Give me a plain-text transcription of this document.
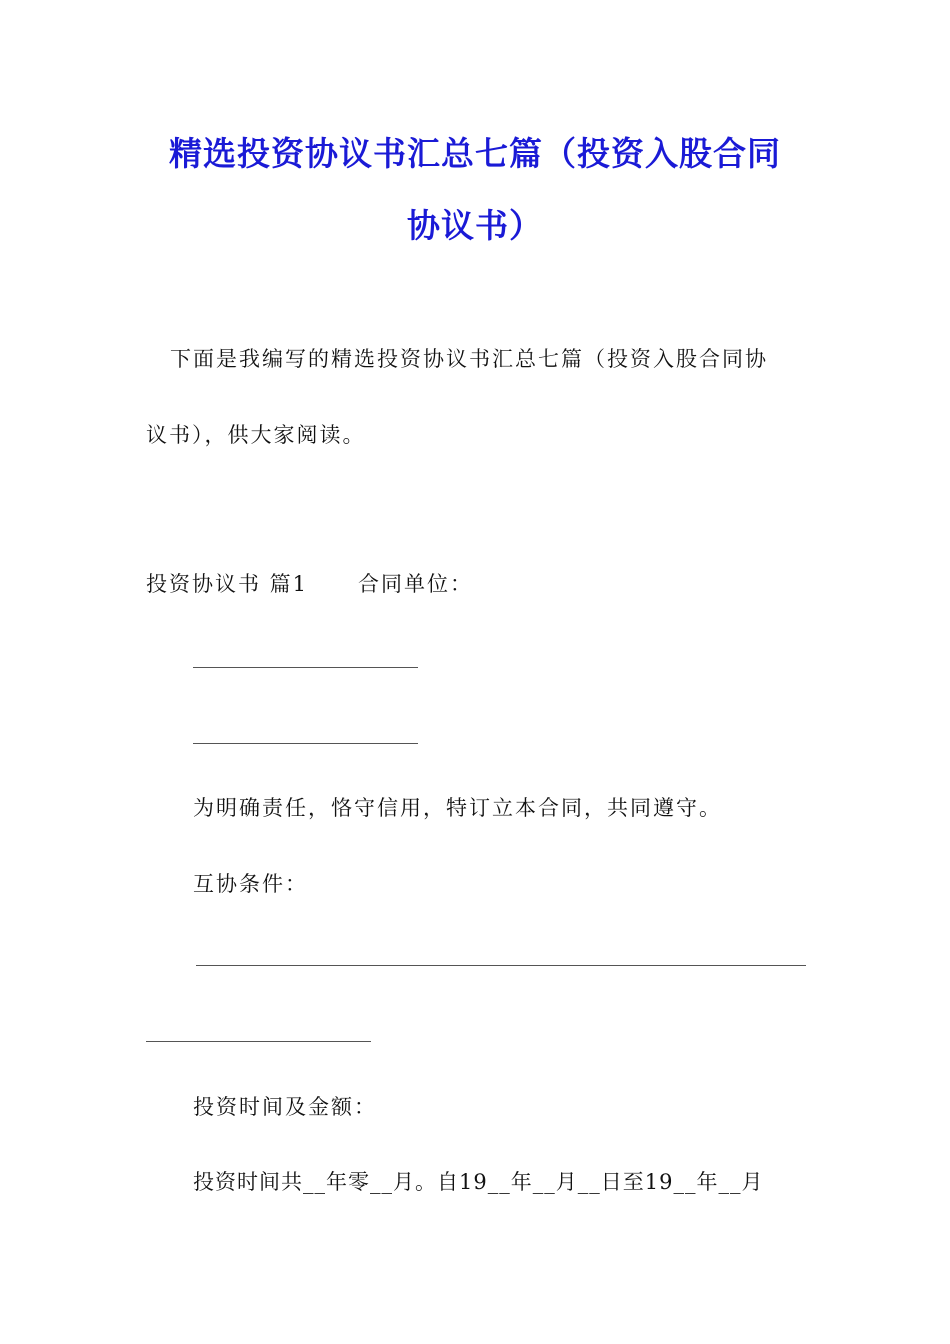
精选投资协议书汇总七篇（投资入股合同
协议书）
下面是我编写的精选投资协议书汇总七篇（投资入股合同协
议书），供大家阅读。
投资协议书 篇1 合同单位：
为明确责任，恪守信用，特订立本合同，共同遵守。
互协条件：
投资时间及金额：
投资时间共__年零__月。自19__年__月__日至19__年__月
